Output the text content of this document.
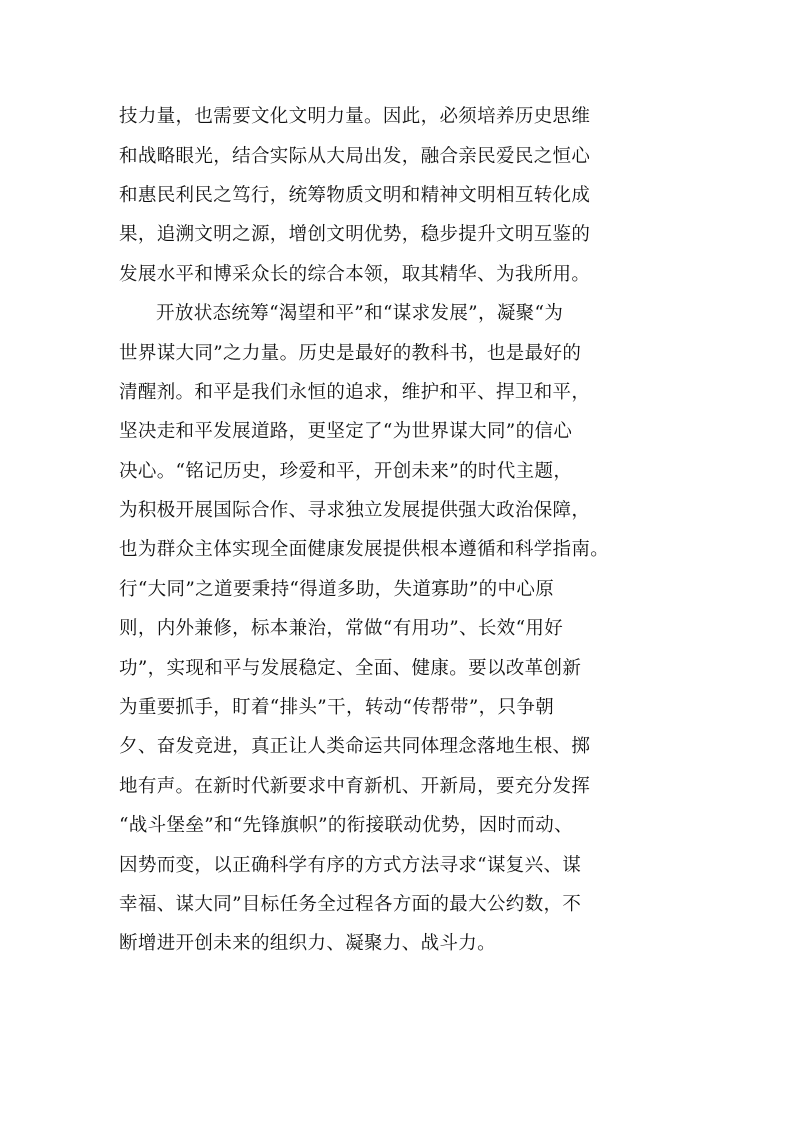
技力量，也需要文化文明力量。因此，必须培养历史思维
和战略眼光，结合实际从大局出发，融合亲民爱民之恒心
和惠民利民之笃行，统筹物质文明和精神文明相互转化成
果，追溯文明之源，增创文明优势，稳步提升文明互鉴的
发展水平和博采众长的综合本领，取其精华、为我所用。
开放状态统筹“渴望和平”和“谋求发展”，凝聚“为
世界谋大同”之力量。历史是最好的教科书，也是最好的
清醒剂。和平是我们永恒的追求，维护和平、捍卫和平，
坚决走和平发展道路，更坚定了“为世界谋大同”的信心
决心。“铭记历史，珍爱和平，开创未来”的时代主题，
为积极开展国际合作、寻求独立发展提供强大政治保障，
也为群众主体实现全面健康发展提供根本遵循和科学指南。
行“大同”之道要秉持“得道多助，失道寡助”的中心原
则，内外兼修，标本兼治，常做“有用功”、长效“用好
功”，实现和平与发展稳定、全面、健康。要以改革创新
为重要抓手，盯着“排头”干，转动“传帮带”，只争朝
夕、奋发竞进，真正让人类命运共同体理念落地生根、掷
地有声。在新时代新要求中育新机、开新局，要充分发挥
“战斗堡垒”和“先锋旗帜”的衔接联动优势，因时而动、
因势而变，以正确科学有序的方式方法寻求“谋复兴、谋
幸福、谋大同”目标任务全过程各方面的最大公约数，不
断增进开创未来的组织力、凝聚力、战斗力。
